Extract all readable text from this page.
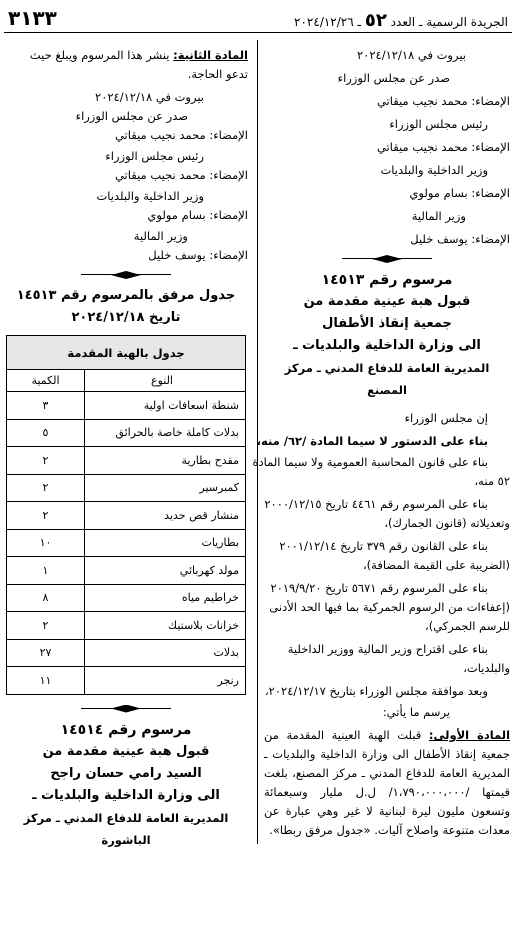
٣١٣٣	الجريدة الرسمية ـ العدد ٥٢ ـ ٢٠٢٤/١٢/٢٦
بيروت في ٢٠٢٤/١٢/١٨
صدر عن مجلس الوزراء
الإمضاء: محمد نجيب ميقاتي
رئيس مجلس الوزراء
الإمضاء: محمد نجيب ميقاتي
وزير الداخلية والبلديات
الإمضاء: بسام مولوي
وزير المالية
الإمضاء: يوسف خليل
مرسوم رقم ١٤٥١٣
قبول هبة عينية مقدمة من
جمعية إنقاذ الأطفال
الى وزارة الداخلية والبلديات ـ
المديرية العامة للدفاع المدني ـ مركز المصنع
إن مجلس الوزراء
بناء على الدستور لا سيما المادة /٦٢/ منه،
بناء على قانون المحاسبة العمومية ولا سيما المادة
٥٢ منه،
بناء على المرسوم رقم ٤٤٦١ تاريخ ٢٠٠٠/١٢/١٥
وتعديلاته (قانون الجمارك)،
بناء على القانون رقم ٣٧٩ تاريخ ٢٠٠١/١٢/١٤
(الضريبة على القيمة المضافة)،
بناء على المرسوم رقم ٥٦٧١ تاريخ ٢٠١٩/٩/٢٠
(إعفاءات من الرسوم الجمركية بما فيها الحد الأدنى
للرسم الجمركي)،
بناء على اقتراح وزير المالية ووزير الداخلية
والبلديات،
وبعد موافقة مجلس الوزراء بتاريخ ٢٠٢٤/١٢/١٧،
يرسم ما يأتي:
المادة الأولى: قبلت الهبة العينية المقدمة من جمعية إنقاذ الأطفال الى وزارة الداخلية والبلديات ـ المديرية العامة للدفاع المدني ـ مركز المصنع، بلغت قيمتها /١،٧٩٠،٠٠٠،٠٠٠/ ل.ل مليار وسبعمائة وتسعون مليون ليرة لبنانية لا غير وهي عبارة عن معدات متنوعة واصلاح آليات. «جدول مرفق ربطا».
المادة الثانية: ينشر هذا المرسوم ويبلغ حيث
تدعو الحاجة.
بيروت في ٢٠٢٤/١٢/١٨
صدر عن مجلس الوزراء
الإمضاء: محمد نجيب ميقاتي
رئيس مجلس الوزراء
الإمضاء: محمد نجيب ميقاتي
وزير الداخلية والبلديات
الإمضاء: بسام مولوي
وزير المالية
الإمضاء: يوسف خليل
جدول مرفق بالمرسوم رقم ١٤٥١٣
تاريخ ٢٠٢٤/١٢/١٨
جدول بالهبة المقدمة	
النوع	الكمية
شنطة اسعافات اولية	٣
بدلات كاملة خاصة بالحرائق	٥
مقدح بطارية	٢
كمبرسير	٢
منشار قص حديد	٢
بطاريات	١٠
مولد كهربائي	١
خراطيم مياه	٨
خزانات بلاستيك	٢
بدلات	٢٧
رنجر	١١
مرسوم رقم ١٤٥١٤
قبول هبة عينية مقدمة من
السيد رامي حسان راجح
الى وزارة الداخلية والبلديات ـ
المديرية العامة للدفاع المدني ـ مركز الباشورة
